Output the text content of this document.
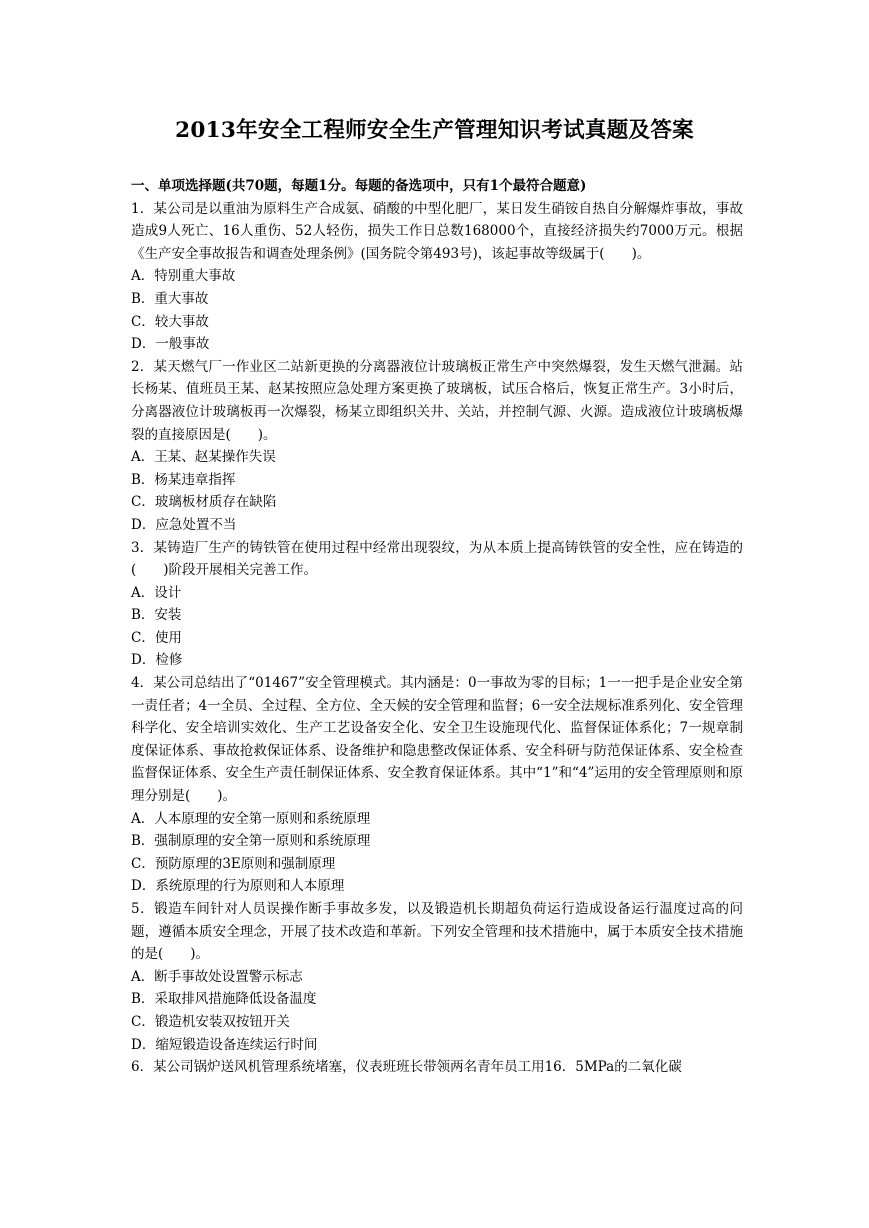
2013年安全工程师安全生产管理知识考试真题及答案

一、单项选择题(共70题，每题1分。每题的备选项中，只有1个最符合题意)

1．某公司是以重油为原料生产合成氨、硝酸的中型化肥厂，某日发生硝铵自热自分解爆炸事故，事故造成9人死亡、16人重伤、52人轻伤，损失工作日总数168000个，直接经济损失约7000万元。根据《生产安全事故报告和调查处理条例》(国务院令第493号)，该起事故等级属于(　　)。

A．特别重大事故

B．重大事故

C．较大事故

D．一般事故

2．某天燃气厂一作业区二站新更换的分离器液位计玻璃板正常生产中突然爆裂，发生天燃气泄漏。站长杨某、值班员王某、赵某按照应急处理方案更换了玻璃板，试压合格后，恢复正常生产。3小时后，分离器液位计玻璃板再一次爆裂，杨某立即组织关井、关站，并控制气源、火源。造成液位计玻璃板爆裂的直接原因是(　　)。

A．王某、赵某操作失误

B．杨某违章指挥

C．玻璃板材质存在缺陷

D．应急处置不当

3．某铸造厂生产的铸铁管在使用过程中经常出现裂纹，为从本质上提高铸铁管的安全性，应在铸造的(　　)阶段开展相关完善工作。

A．设计

B．安装

C．使用

D．检修

4．某公司总结出了“01467”安全管理模式。其内涵是：0一事故为零的目标；1一一把手是企业安全第一责任者；4一全员、全过程、全方位、全天候的安全管理和监督；6一安全法规标准系列化、安全管理科学化、安全培训实效化、生产工艺设备安全化、安全卫生设施现代化、监督保证体系化；7一规章制度保证体系、事故抢救保证体系、设备维护和隐患整改保证体系、安全科研与防范保证体系、安全检查监督保证体系、安全生产责任制保证体系、安全教育保证体系。其中“1”和“4”运用的安全管理原则和原理分别是(　　)。

A．人本原理的安全第一原则和系统原理

B．强制原理的安全第一原则和系统原理

C．预防原理的3E原则和强制原理

D．系统原理的行为原则和人本原理

5．锻造车间针对人员误操作断手事故多发，以及锻造机长期超负荷运行造成设备运行温度过高的问题，遵循本质安全理念，开展了技术改造和革新。下列安全管理和技术措施中，属于本质安全技术措施的是(　　)。

A．断手事故处设置警示标志

B．采取排风措施降低设备温度

C．锻造机安装双按钮开关

D．缩短锻造设备连续运行时间

6．某公司锅炉送风机管理系统堵塞，仪表班班长带领两名青年员工用16．5MPa的二氧化碳
